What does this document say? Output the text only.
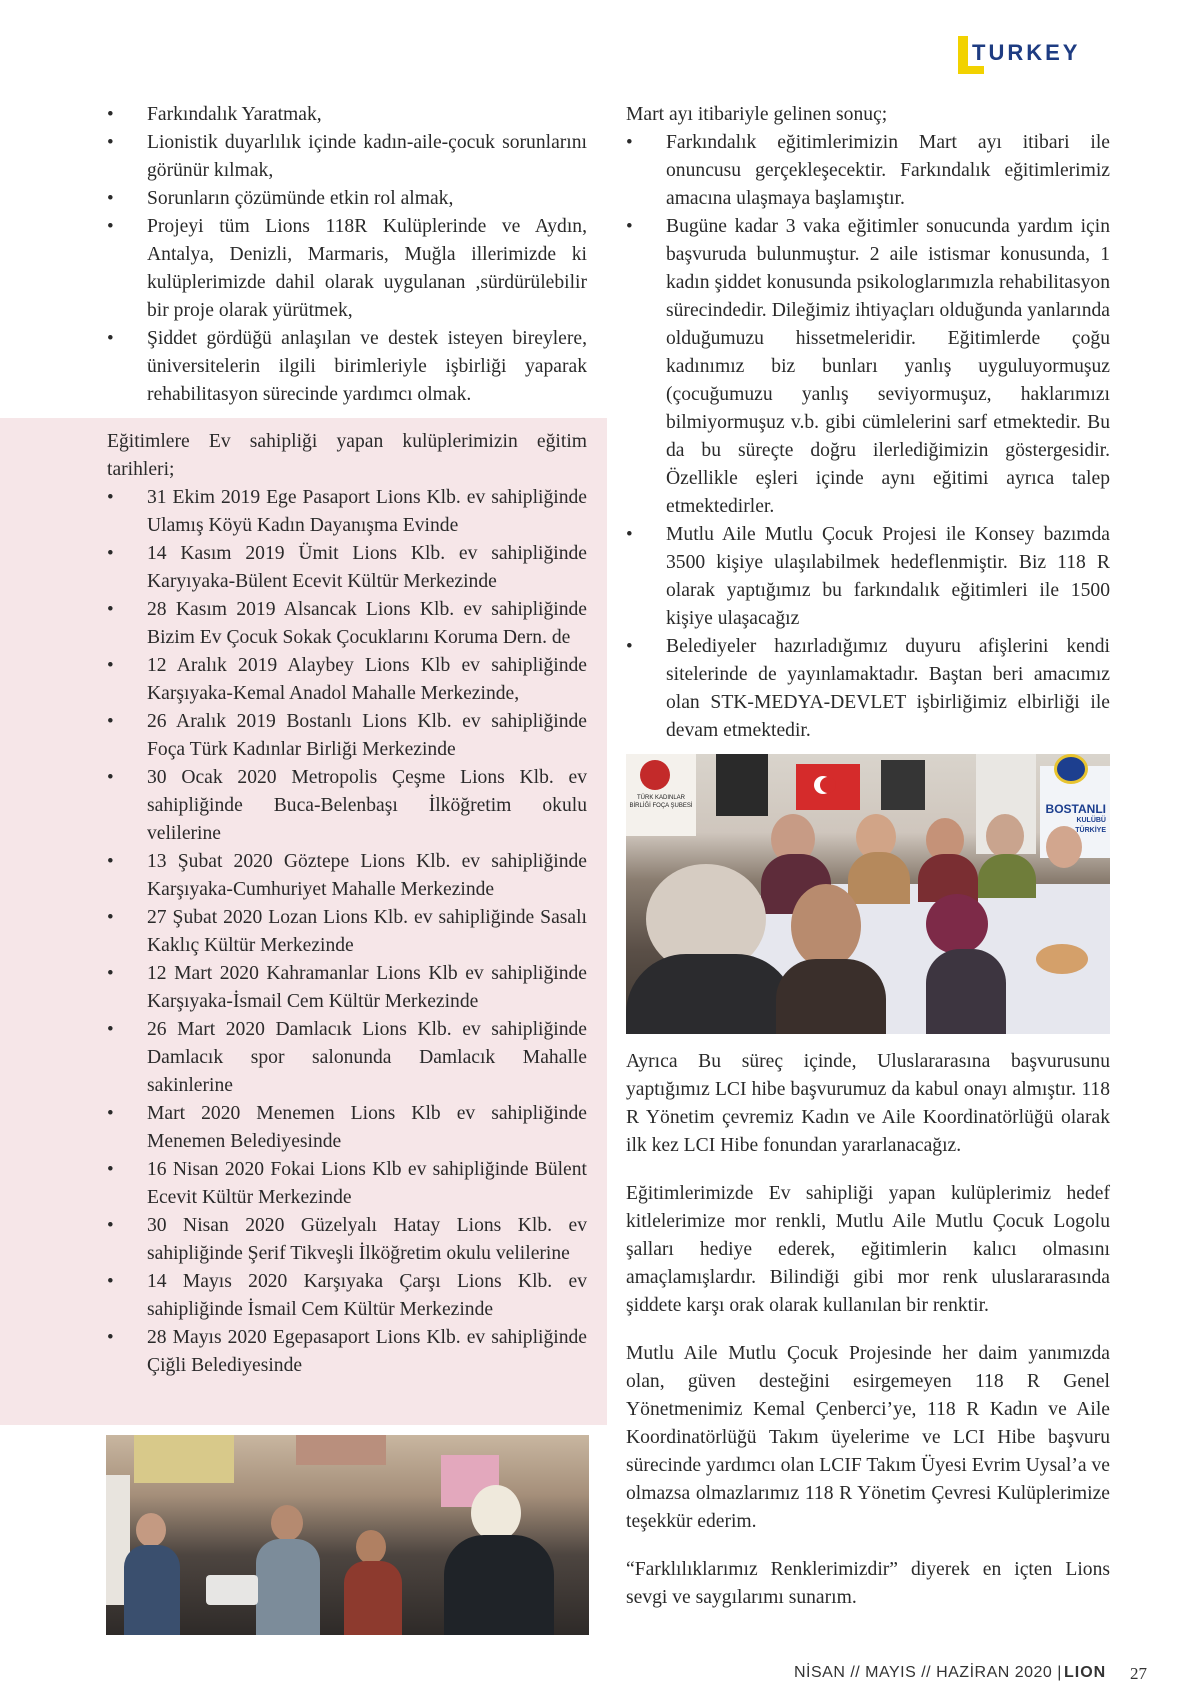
TURKEY
• Farkındalık Yaratmak,
• Lionistik duyarlılık içinde kadın-aile-çocuk sorunlarını görünür kılmak,
• Sorunların çözümünde etkin rol almak,
• Projeyi tüm Lions 118R Kulüplerinde ve Aydın, Antalya, Denizli, Marmaris, Muğla illerimizde ki kulüplerimizde dahil olarak uygulanan ,sürdürülebilir bir proje olarak yürütmek,
• Şiddet gördüğü anlaşılan ve destek isteyen bireylere, üniversitelerin ilgili birimleriyle işbirliği yaparak rehabilitasyon sürecinde yardımcı olmak.

Eğitimlere Ev sahipliği yapan kulüplerimizin eğitim tarihleri;

• 31 Ekim 2019 Ege Pasaport Lions Klb. ev sahipliğinde Ulamış Köyü Kadın Dayanışma Evinde
• 14 Kasım 2019 Ümit Lions Klb. ev sahipliğinde Karyıyaka-Bülent Ecevit Kültür Merkezinde
• 28 Kasım 2019 Alsancak Lions Klb. ev sahipliğinde Bizim Ev Çocuk Sokak Çocuklarını Koruma Dern. de
• 12 Aralık 2019 Alaybey Lions Klb ev sahipliğinde Karşıyaka-Kemal Anadol Mahalle Merkezinde,
• 26 Aralık 2019 Bostanlı Lions Klb. ev sahipliğinde Foça Türk Kadınlar Birliği Merkezinde
• 30 Ocak 2020 Metropolis Çeşme Lions Klb. ev sahipliğinde Buca-Belenbaşı İlköğretim okulu velilerine
• 13 Şubat 2020 Göztepe Lions Klb. ev sahipliğinde Karşıyaka-Cumhuriyet Mahalle Merkezinde
• 27 Şubat 2020 Lozan Lions Klb. ev sahipliğinde Sasalı Kaklıç Kültür Merkezinde
• 12 Mart 2020 Kahramanlar Lions Klb ev sahipliğinde Karşıyaka-İsmail Cem Kültür Merkezinde
• 26 Mart 2020 Damlacık Lions Klb. ev sahipliğinde Damlacık spor salonunda Damlacık Mahalle sakinlerine
• Mart 2020 Menemen Lions Klb ev sahipliğinde Menemen Belediyesinde
• 16 Nisan 2020 Fokai Lions Klb ev sahipliğinde Bülent Ecevit Kültür Merkezinde
• 30 Nisan 2020 Güzelyalı Hatay Lions Klb. ev sahipliğinde Şerif Tikveşli İlköğretim okulu velilerine
• 14 Mayıs 2020 Karşıyaka Çarşı Lions Klb. ev sahipliğinde İsmail Cem Kültür Merkezinde
• 28 Mayıs 2020 Egepasaport Lions Klb. ev sahipliğinde Çiğli Belediyesinde

Mart ayı itibariyle gelinen sonuç;

• Farkındalık eğitimlerimizin Mart ayı itibari ile onuncusu gerçekleşecektir. Farkındalık eğitimlerimiz amacına ulaşmaya başlamıştır.
• Bugüne kadar 3 vaka eğitimler sonucunda yardım için başvuruda bulunmuştur. 2 aile istismar konusunda, 1 kadın şiddet konusunda psikologlarımızla rehabilitasyon sürecindedir. Dileğimiz ihtiyaçları olduğunda yanlarında olduğumuzu hissetmeleridir. Eğitimlerde çoğu kadınımız biz bunları yanlış uyguluyormuşuz (çocuğumuzu yanlış seviyormuşuz, haklarımızı bilmiyormuşuz v.b. gibi cümlelerini sarf etmektedir. Bu da bu süreçte doğru ilerlediğimizin göstergesidir. Özellikle eşleri içinde aynı eğitimi ayrıca talep etmektedirler.
• Mutlu Aile Mutlu Çocuk Projesi ile Konsey bazımda 3500 kişiye ulaşılabilmek hedeflenmiştir. Biz 118 R olarak yaptığımız bu farkındalık eğitimleri ile 1500 kişiye ulaşacağız
• Belediyeler hazırladığımız duyuru afişlerini kendi sitelerinde de yayınlamaktadır. Baştan beri amacımız olan STK-MEDYA-DEVLET işbirliğimiz elbirliği ile devam etmektedir.
TÜRK KADINLAR BİRLİĞİ FOÇA ŞUBESİ	BOSTANLI
KULÜBÜ
TÜRKİYE

Ayrıca Bu süreç içinde, Uluslararasına başvurusunu yaptığımız LCI hibe başvurumuz da kabul onayı almıştır. 118 R Yönetim çevremiz Kadın ve Aile Koordinatörlüğü olarak ilk kez LCI Hibe fonundan yararlanacağız.

Eğitimlerimizde Ev sahipliği yapan kulüplerimiz hedef kitlelerimize mor renkli, Mutlu Aile Mutlu Çocuk Logolu şalları hediye ederek, eğitimlerin kalıcı olmasını amaçlamışlardır. Bilindiği gibi mor renk uluslararasında şiddete karşı orak olarak kullanılan bir renktir.

Mutlu Aile Mutlu Çocuk Projesinde her daim yanımızda olan, güven desteğini esirgemeyen 118 R Genel Yönetmenimiz Kemal Çenberci’ye, 118 R Kadın ve Aile Koordinatörlüğü Takım üyelerime ve LCI Hibe başvuru sürecinde yardımcı olan LCIF Takım Üyesi Evrim Uysal’a ve olmazsa olmazlarımız 118 R Yönetim Çevresi Kulüplerimize teşekkür ederim.

“Farklılıklarımız Renklerimizdir” diyerek en içten Lions sevgi ve saygılarımı sunarım.

NİSAN // MAYIS // HAZİRAN 2020 | LION 27
